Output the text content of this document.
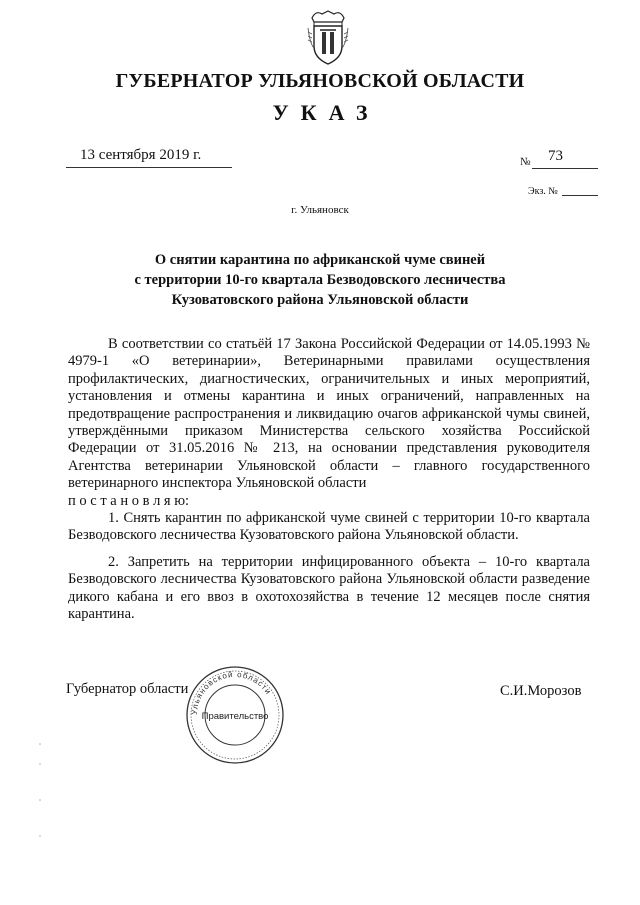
ГУБЕРНАТОР УЛЬЯНОВСКОЙ ОБЛАСТИ
УКАЗ
13 сентября 2019 г.	№ 73
Экз. №
г. Ульяновск
О снятии карантина по африканской чуме свиней
с территории 10-го квартала Безводовского лесничества
Кузоватовского района Ульяновской области

В соответствии со статьёй 17 Закона Российской Федерации от 14.05.1993 № 4979-1 «О ветеринарии», Ветеринарными правилами осуществления профилактических, диагностических, ограничительных и иных мероприятий, установления и отмены карантина и иных ограничений, направленных на предотвращение распространения и ликвидацию очагов африканской чумы свиней, утверждёнными приказом Министерства сельского хозяйства Российской Федерации от 31.05.2016 № 213, на основании представления руководителя Агентства ветеринарии Ульяновской области – главного государственного ветеринарного инспектора Ульяновской области

п о с т а н о в л я ю:

1. Снять карантин по африканской чуме свиней с территории 10-го квартала Безводовского лесничества Кузоватовского района Ульяновской области.

2. Запретить на территории инфицированного объекта – 10-го квартала Безводовского лесничества Кузоватовского района Ульяновской области разведение дикого кабана и его ввоз в охотохозяйства в течение 12 месяцев после снятия карантина.

Губернатор области	С.И.Морозов
Ульяновской области
Правительство
